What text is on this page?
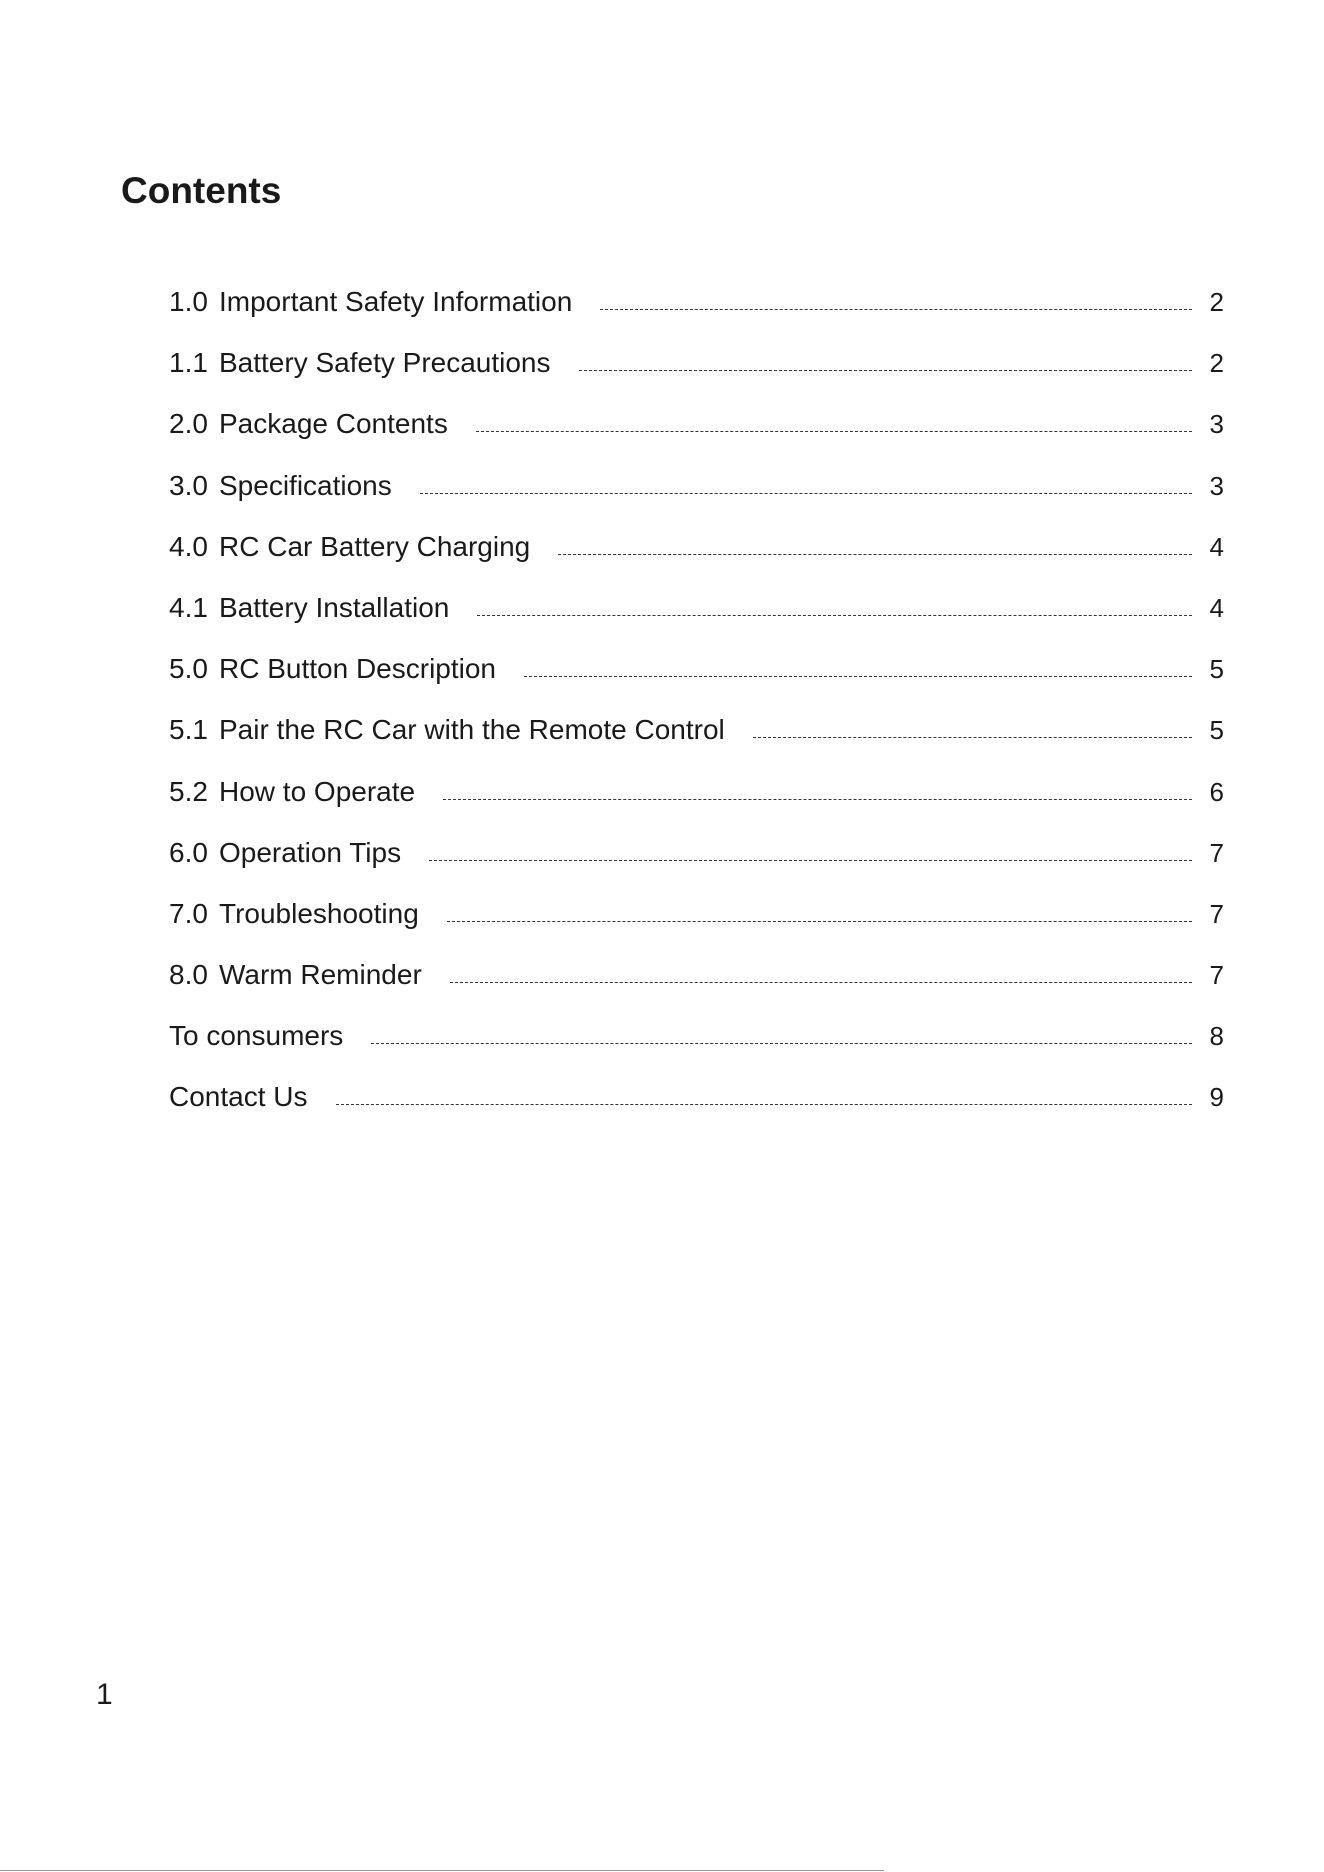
Contents
1.0 Important Safety Information	2
1.1 Battery Safety Precautions	2
2.0 Package Contents	3
3.0 Specifications	3
4.0 RC Car Battery Charging	4
4.1 Battery Installation	4
5.0 RC Button Description	5
5.1 Pair the RC Car with the Remote Control	5
5.2 How to Operate	6
6.0 Operation Tips	7
7.0 Troubleshooting	7
8.0 Warm Reminder	7
To consumers	8
Contact Us	9
1
